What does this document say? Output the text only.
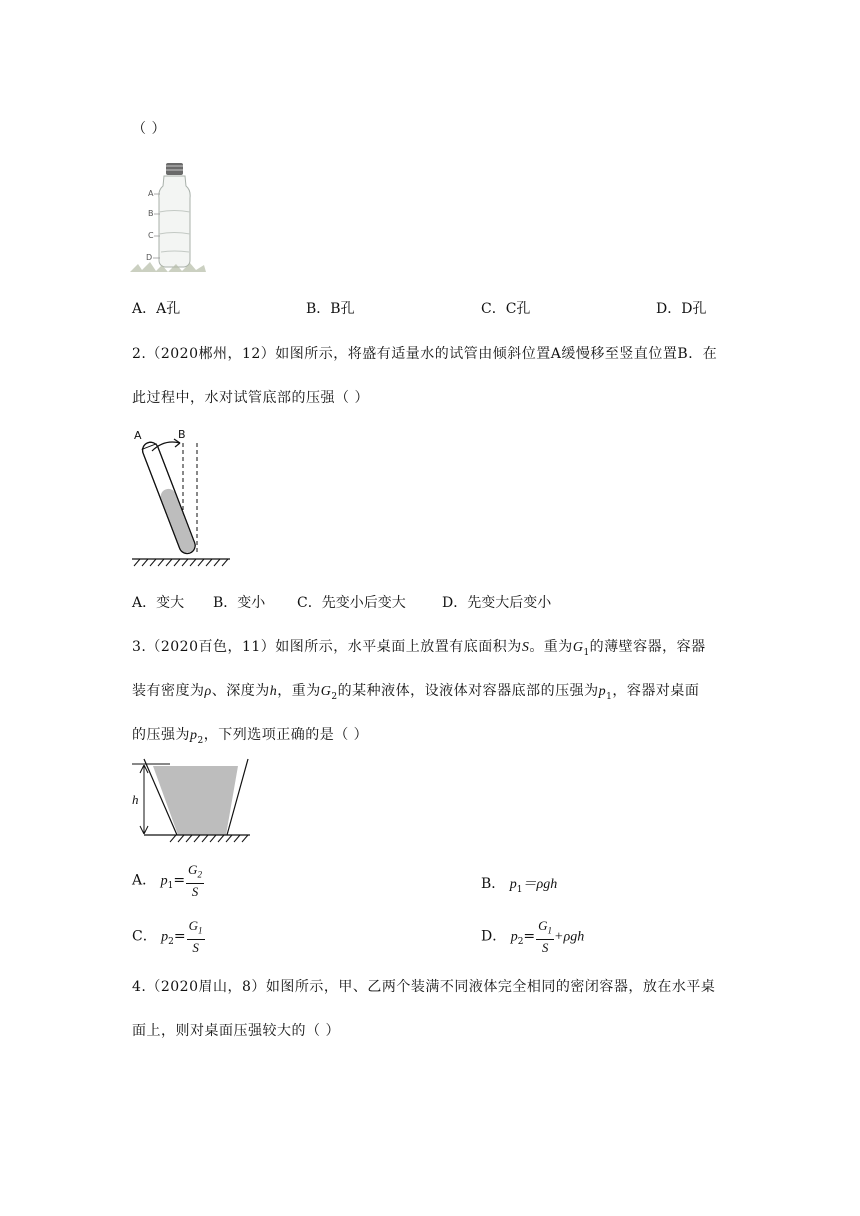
（ ）
A
B
C
D
A．A孔	B．B孔	C．C孔	D．D孔
2.（2020郴州，12）如图所示，将盛有适量水的试管由倾斜位置A缓慢移至竖直位置B．在
此过程中，水对试管底部的压强（ ）
A	B
A．变大 B．变小 C．先变小后变大	D．先变大后变小
3.（2020百色，11）如图所示，水平桌面上放置有底面积为S。重为$G_1$的薄壁容器，容器
装有密度为ρ、深度为h，重为$G_2$的某种液体，设液体对容器底部的压强为$p_1$，容器对桌面
的压强为$p_2$，下列选项正确的是（ ）
h
A． $p_1= \frac{G_2}{S}$	B． $p_1=\rho gh$
C． $p_2= \frac{G_1}{S}$	D． $p_2= \frac{G_1}{S} +\rho gh$
4.（2020眉山，8）如图所示，甲、乙两个装满不同液体完全相同的密闭容器，放在水平桌
面上，则对桌面压强较大的（ ）
